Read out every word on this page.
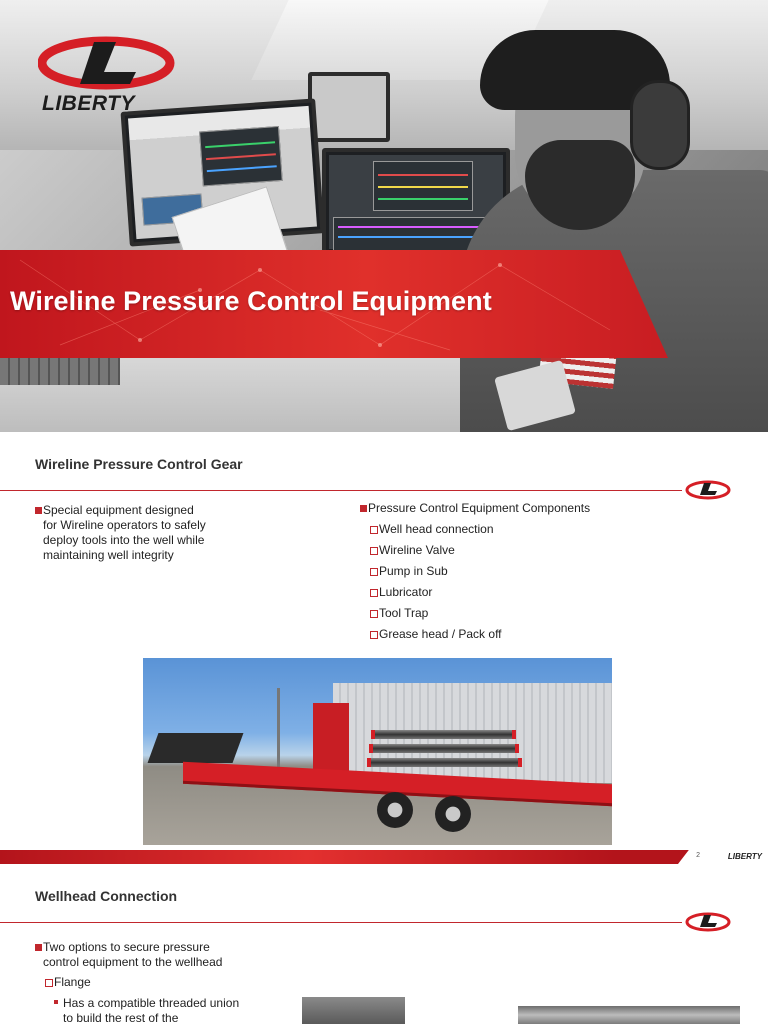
LIBERTY
Wireline Pressure Control Equipment
Wireline Pressure Control Gear
Special equipment designed for Wireline operators to safely deploy tools into the well while maintaining well integrity
Pressure Control Equipment Components
Well head connection
Wireline Valve
Pump in Sub
Lubricator
Tool Trap
Grease head / Pack off
2	LIBERTY
Wellhead Connection
Two options to secure pressure control equipment to the wellhead
Flange
Has a compatible threaded union to build the rest of the
